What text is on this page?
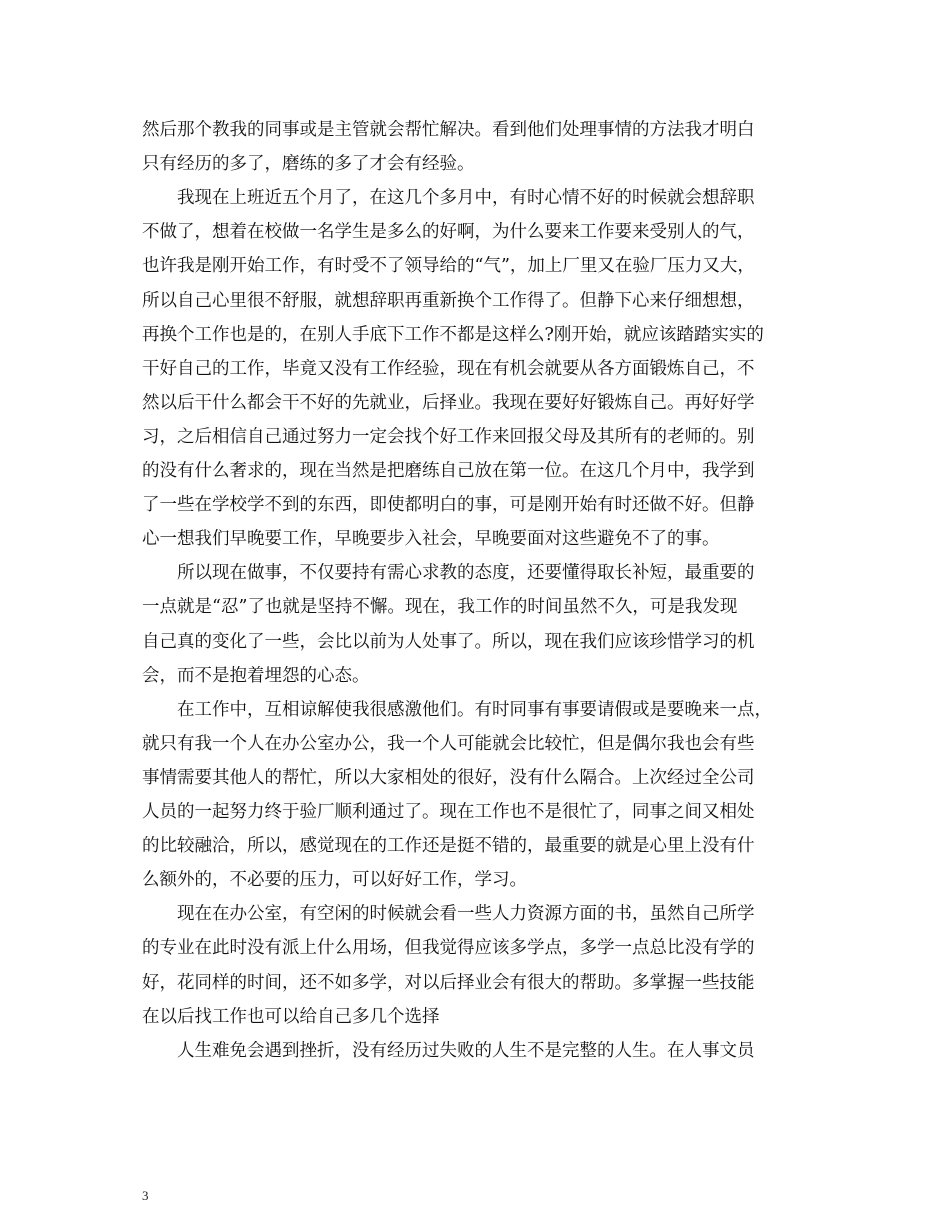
然后那个教我的同事或是主管就会帮忙解决。看到他们处理事情的方法我才明白
只有经历的多了，磨练的多了才会有经验。
　　我现在上班近五个月了，在这几个多月中，有时心情不好的时候就会想辞职
不做了，想着在校做一名学生是多么的好啊，为什么要来工作要来受别人的气，
也许我是刚开始工作，有时受不了领导给的“气”，加上厂里又在验厂压力又大，
所以自己心里很不舒服，就想辞职再重新换个工作得了。但静下心来仔细想想，
再换个工作也是的，在别人手底下工作不都是这样么?刚开始，就应该踏踏实实的
干好自己的工作，毕竟又没有工作经验，现在有机会就要从各方面锻炼自己，不
然以后干什么都会干不好的先就业，后择业。我现在要好好锻炼自己。再好好学
习，之后相信自己通过努力一定会找个好工作来回报父母及其所有的老师的。别
的没有什么奢求的，现在当然是把磨练自己放在第一位。在这几个月中，我学到
了一些在学校学不到的东西，即使都明白的事，可是刚开始有时还做不好。但静
心一想我们早晚要工作，早晚要步入社会，早晚要面对这些避免不了的事。
　　所以现在做事，不仅要持有需心求教的态度，还要懂得取长补短，最重要的
一点就是“忍”了也就是坚持不懈。现在，我工作的时间虽然不久，可是我发现
自己真的变化了一些，会比以前为人处事了。所以，现在我们应该珍惜学习的机
会，而不是抱着埋怨的心态。
　　在工作中，互相谅解使我很感激他们。有时同事有事要请假或是要晚来一点，
就只有我一个人在办公室办公，我一个人可能就会比较忙，但是偶尔我也会有些
事情需要其他人的帮忙，所以大家相处的很好，没有什么隔合。上次经过全公司
人员的一起努力终于验厂顺利通过了。现在工作也不是很忙了，同事之间又相处
的比较融洽，所以，感觉现在的工作还是挺不错的，最重要的就是心里上没有什
么额外的，不必要的压力，可以好好工作，学习。
　　现在在办公室，有空闲的时候就会看一些人力资源方面的书，虽然自己所学
的专业在此时没有派上什么用场，但我觉得应该多学点，多学一点总比没有学的
好，花同样的时间，还不如多学，对以后择业会有很大的帮助。多掌握一些技能
在以后找工作也可以给自己多几个选择
　　人生难免会遇到挫折，没有经历过失败的人生不是完整的人生。在人事文员
3
